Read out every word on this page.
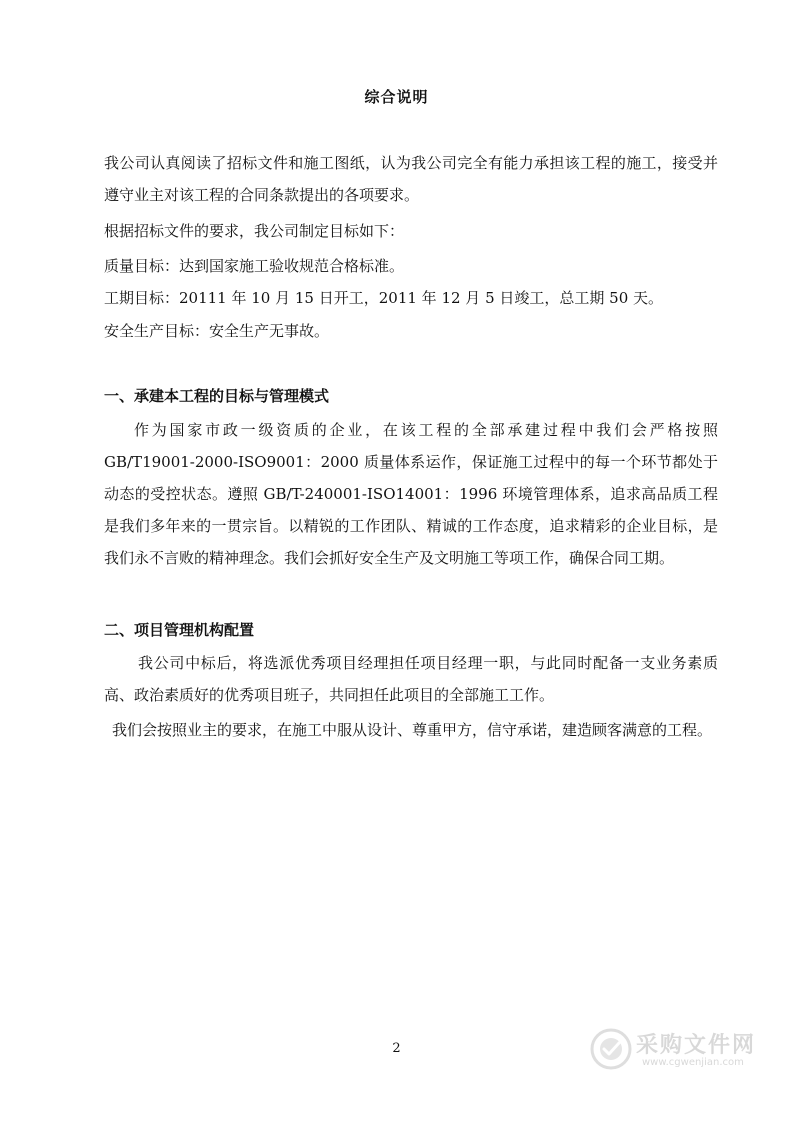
综合说明
我公司认真阅读了招标文件和施工图纸，认为我公司完全有能力承担该工程的施工，接受并遵守业主对该工程的合同条款提出的各项要求。
根据招标文件的要求，我公司制定目标如下：
质量目标：达到国家施工验收规范合格标准。
工期目标：20111 年 10 月 15 日开工，2011 年 12 月 5 日竣工，总工期 50 天。
安全生产目标：安全生产无事故。
一、承建本工程的目标与管理模式
作为国家市政一级资质的企业，在该工程的全部承建过程中我们会严格按照GB/T19001-2000-ISO9001：2000 质量体系运作，保证施工过程中的每一个环节都处于动态的受控状态。遵照 GB/T-240001-ISO14001：1996 环境管理体系，追求高品质工程是我们多年来的一贯宗旨。以精锐的工作团队、精诚的工作态度，追求精彩的企业目标，是我们永不言败的精神理念。我们会抓好安全生产及文明施工等项工作，确保合同工期。
二、项目管理机构配置
我公司中标后，将选派优秀项目经理担任项目经理一职，与此同时配备一支业务素质高、政治素质好的优秀项目班子，共同担任此项目的全部施工工作。
我们会按照业主的要求，在施工中服从设计、尊重甲方，信守承诺，建造顾客满意的工程。
2	采购文件网
www.cgwenjian.com
